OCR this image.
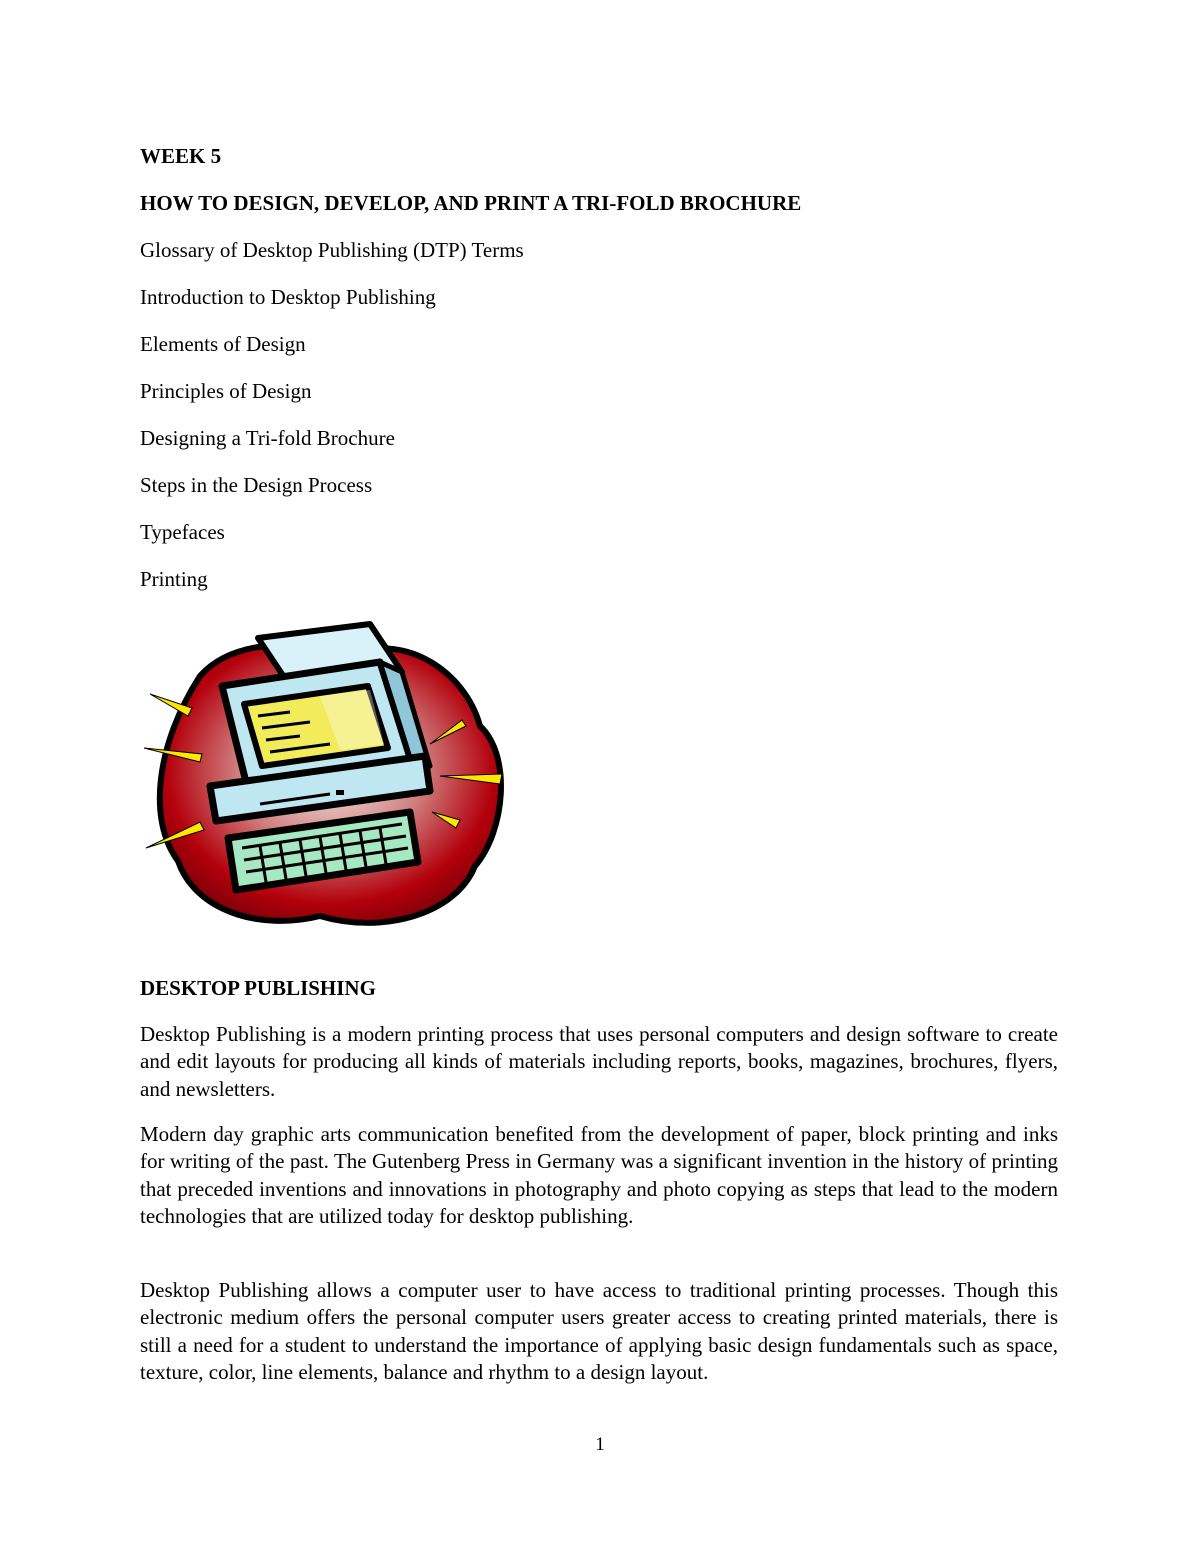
WEEK 5
HOW TO DESIGN, DEVELOP, AND PRINT A TRI-FOLD BROCHURE
Glossary of Desktop Publishing (DTP) Terms
Introduction to Desktop Publishing
Elements of Design
Principles of Design
Designing a Tri-fold Brochure
Steps in the Design Process
Typefaces
Printing
DESKTOP PUBLISHING

Desktop Publishing is a modern printing process that uses personal computers and design software to create and edit layouts for producing all kinds of materials including reports, books, magazines, brochures, flyers, and newsletters.

Modern day graphic arts communication benefited from the development of paper, block printing and inks for writing of the past. The Gutenberg Press in Germany was a significant invention in the history of printing that preceded inventions and innovations in photography and photo copying as steps that lead to the modern technologies that are utilized today for desktop publishing.

Desktop Publishing allows a computer user to have access to traditional printing processes. Though this electronic medium offers the personal computer users greater access to creating printed materials, there is still a need for a student to understand the importance of applying basic design fundamentals such as space, texture, color, line elements, balance and rhythm to a design layout.

1
